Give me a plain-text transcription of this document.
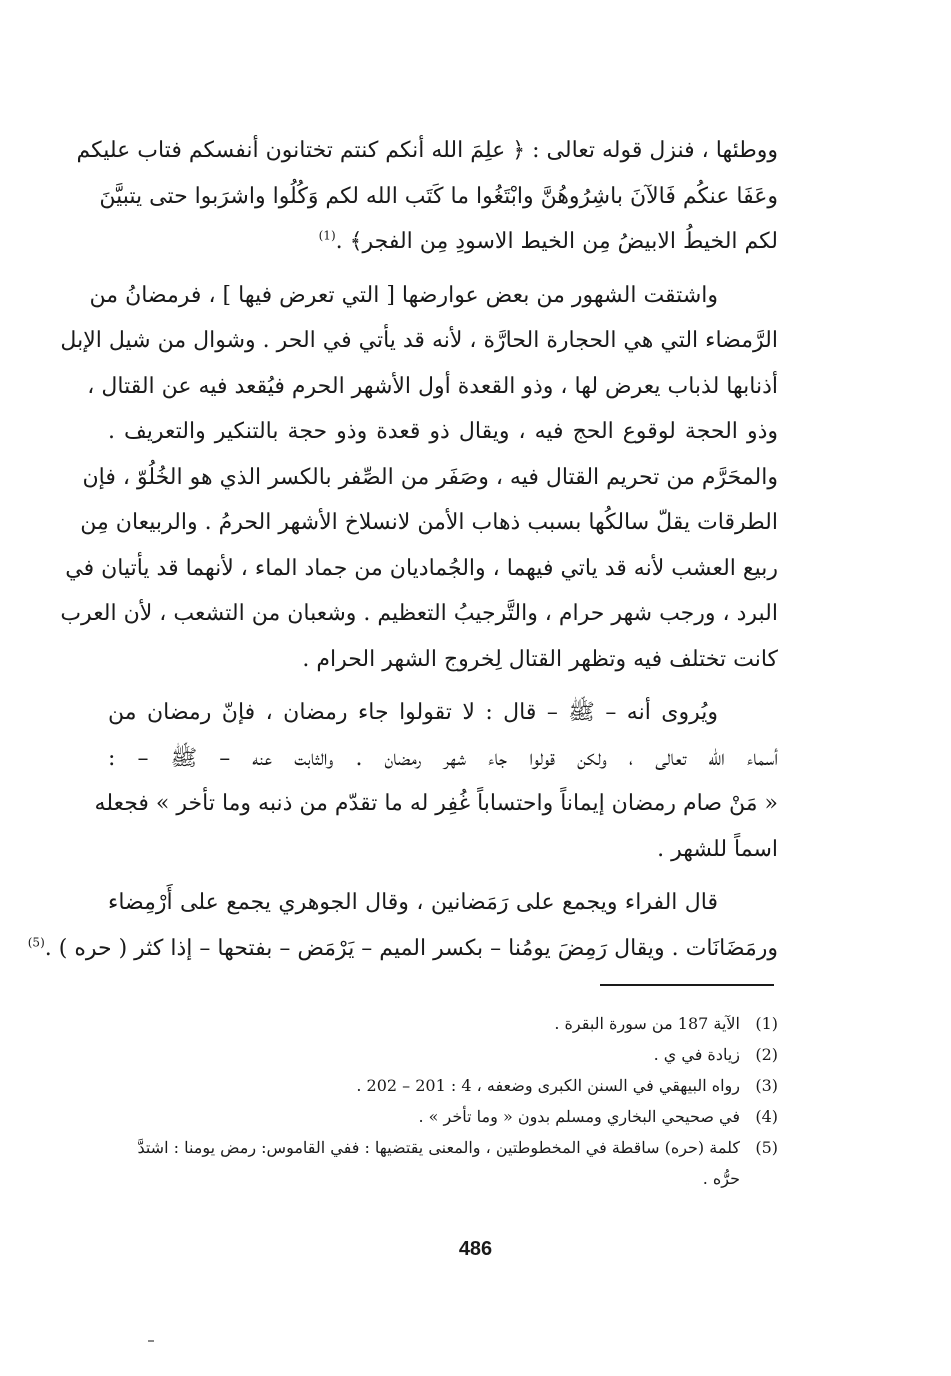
ووطئها ، فنزل قوله تعالى : ﴿ علِمَ الله أنكم كنتم تختانون أنفسكم فتاب عليكم
وعَفَا عنكُم فَالآنَ باشِرُوهُنَّ وابْتَغُوا ما كَتَب الله لكم وَكُلُوا واشرَبوا حتى يتبيَّنَ
لكم الخيطُ الابيضُ مِن الخيط الاسودِ مِن الفجر﴾ .$^{(1)}$

واشتقت الشهور من بعض عوارضها [ التي تعرض فيها ] ، فرمضانُ من
الرَّمضاء التي هي الحجارة الحارَّة ، لأنه قد يأتي في الحر . وشوال من شيل الإبل
أذنابها لذباب يعرض لها ، وذو القعدة أول الأشهر الحرم فيُقعد فيه عن القتال ،
وذو الحجة لوقوع الحج فيه ، ويقال ذو قعدة وذو حجة بالتنكير والتعريف .
والمحَرَّم من تحريم القتال فيه ، وصَفَر من الصِّفر بالكسر الذي هو الخُلُوّ ، فإن
الطرقات يقلّ سالكُها بسبب ذهاب الأمن لانسلاخ الأشهر الحرمُ . والربيعان مِن
ربيع العشب لأنه قد ياتي فيهما ، والجُماديان من جماد الماء ، لأنهما قد يأتيان في
البرد ، ورجب شهر حرام ، والتَّرجيبُ التعظيم . وشعبان من التشعب ، لأن العرب
كانت تختلف فيه وتظهر القتال لِخروج الشهر الحرام .

ويُروى أنه – ﷺ – قال : لا تقولوا جاء رمضان ، فإنّ رمضان من
أسماء الله تعالى ، ولكن قولوا جاء شهر رمضان . والثابت عنه – ﷺ – :
« مَنْ صام رمضان إيماناً واحتساباً غُفِر له ما تقدّم من ذنبه وما تأخر » فجعله
اسماً للشهر .

قال الفراء ويجمع على رَمَضانين ، وقال الجوهري يجمع على أَرْمِضاء
ورمَضَانَات . ويقال رَمِضَ يومُنا – بكسر الميم – يَرْمَض – بفتحها – إذا كثر ( حره ) .$^{(5)}$

(1)
الآية 187 من سورة البقرة .
(2)
زيادة في ي .
(3)
رواه البيهقي في السنن الكبرى وضعفه ، 4 : 201 – 202 .
(4)
في صحيحي البخاري ومسلم بدون « وما تأخر » .
(5)
كلمة (حره) ساقطة في المخطوطتين ، والمعنى يقتضيها : ففي القاموس: رمض يومنا : اشتدَّ حرُّه .
486
